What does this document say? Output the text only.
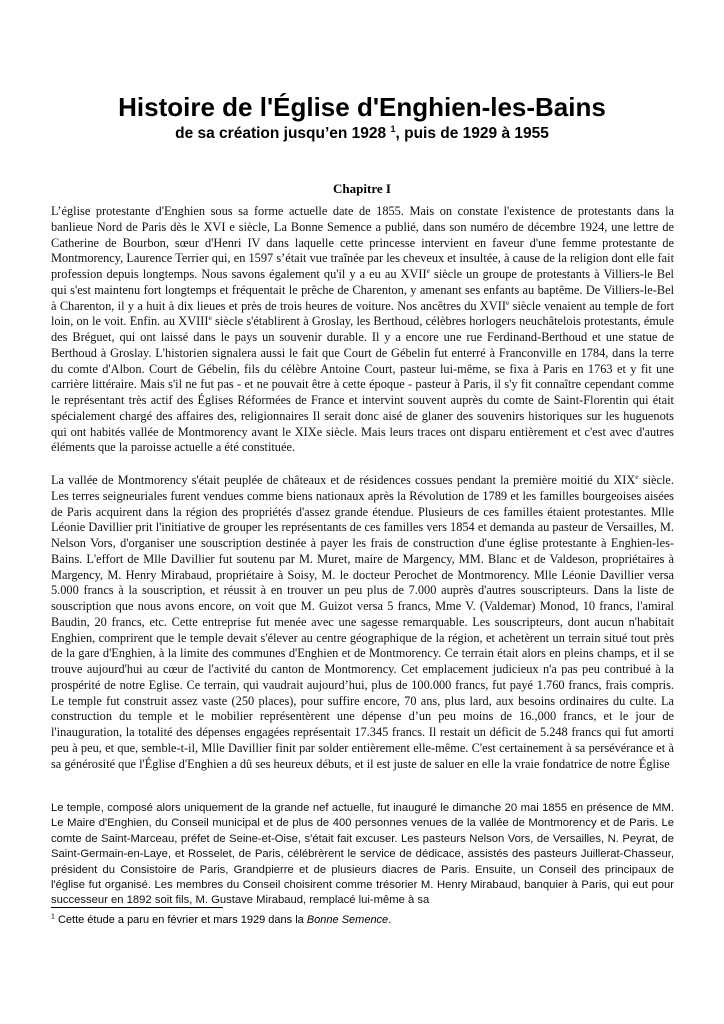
Histoire de l'Église d'Enghien-les-Bains
de sa création jusqu’en 1928 $^1$, puis de 1929 à 1955
Chapitre I

L’église protestante d'Enghien sous sa forme actuelle date de 1855. Mais on constate l'existence de protestants dans la banlieue Nord de Paris dès le XVI e siècle, La Bonne Semence a publié, dans son numéro de décembre 1924, une lettre de Catherine de Bourbon, sœur d'Henri IV dans laquelle cette princesse intervient en faveur d'une femme protestante de Montmorency, Laurence Terrier qui, en 1597 s’était vue traînée par les cheveux et insultée, à cause de la religion dont elle fait profession depuis longtemps. Nous savons également qu'il y a eu au XVIIe siècle un groupe de protestants à Villiers-le Bel qui s'est maintenu fort longtemps et fréquentait le prêche de Charenton, y amenant ses enfants au baptême. De Villiers-le-Bel à Charenton, il y a huit à dix lieues et près de trois heures de voiture. Nos ancêtres du XVIIe siècle venaient au temple de fort loin, on le voit. Enfin. au XVIIIe siècle s'établirent à Groslay, les Berthoud, célèbres horlogers neuchâtelois protestants, émule des Bréguet, qui ont laissé dans le pays un souvenir durable. Il y a encore une rue Ferdinand-Berthoud et une statue de Berthoud à Groslay. L'historien signalera aussi le fait que Court de Gébelin fut enterré à Franconville en 1784, dans la terre du comte d'Albon. Court de Gébelin, fils du célèbre Antoine Court, pasteur lui-même, se fixa à Paris en 1763 et y fit une carrière littéraire. Mais s'il ne fut pas - et ne pouvait être à cette époque - pasteur à Paris, il s'y fit connaître cependant comme le représentant très actif des Églises Réformées de France et intervint souvent auprès du comte de Saint-Florentin qui était spécialement chargé des affaires des, religionnaires Il serait donc aisé de glaner des souvenirs historiques sur les huguenots qui ont habités vallée de Montmorency avant le XIXe siècle. Mais leurs traces ont disparu entièrement et c'est avec d'autres éléments que la paroisse actuelle a été constituée.

La vallée de Montmorency s'était peuplée de châteaux et de résidences cossues pendant la première moitié du XIXe siècle. Les terres seigneuriales furent vendues comme biens nationaux après la Révolution de 1789 et les familles bourgeoises aisées de Paris acquirent dans la région des propriétés d'assez grande étendue. Plusieurs de ces familles étaient protestantes. Mlle Léonie Davillier prit l'initiative de grouper les représentants de ces familles vers 1854 et demanda au pasteur de Versailles, M. Nelson Vors, d'organiser une souscription destinée à payer les frais de construction d'une église protestante à Enghien-les-Bains. L'effort de Mlle Davillier fut soutenu par M. Muret, maire de Margency, MM. Blanc et de Valdeson, propriétaires à Margency, M. Henry Mirabaud, propriétaire à Soisy, M. le docteur Perochet de Montmorency. Mlle Léonie Davillier versa 5.000 francs à la souscription, et réussit à en trouver un peu plus de 7.000 auprès d'autres souscripteurs. Dans la liste de souscription que nous avons encore, on voit que M. Guizot versa 5 francs, Mme V. (Valdemar) Monod, 10 francs, l'amiral Baudin, 20 francs, etc. Cette entreprise fut menée avec une sagesse remarquable. Les souscripteurs, dont aucun n'habitait Enghien, comprirent que le temple devait s'élever au centre géographique de la région, et achetèrent un terrain situé tout près de la gare d'Enghien, à la limite des communes d'Enghien et de Montmorency. Ce terrain était alors en pleins champs, et il se trouve aujourd'hui au cœur de l'activité du canton de Montmorency. Cet emplacement judicieux n'a pas peu contribué à la prospérité de notre Eglise. Ce terrain, qui vaudrait aujourd’hui, plus de 100.000 francs, fut payé 1.760 francs, frais compris. Le temple fut construit assez vaste (250 places), pour suffire encore, 70 ans, plus lard, aux besoins ordinaires du culte. La construction du temple et le mobilier représentèrent une dépense d’un peu moins de 16.,000 francs, et le jour de l'inauguration, la totalité des dépenses engagées représentait 17.345 francs. Il restait un déficit de 5.248 francs qui fut amorti peu à peu, et que, semble-t-il, Mlle Davillier finit par solder entièrement elle-même. C'est certainement à sa persévérance et à sa générosité que l'Église d'Enghien a dû ses heureux débuts, et il est juste de saluer en elle la vraie fondatrice de notre Église

Le temple, composé alors uniquement de la grande nef actuelle, fut inauguré le dimanche 20 mai 1855 en présence de MM. Le Maire d'Enghien, du Conseil municipal et de plus de 400 personnes venues de la vallée de Montmorency et de Paris. Le comte de Saint-Marceau, préfet de Seine-et-Oise, s'était fait excuser. Les pasteurs Nelson Vors, de Versailles, N. Peyrat, de Saint-Germain-en-Laye, et Rosselet, de Paris, célébrèrent le service de dédicace, assistés des pasteurs Juillerat-Chasseur, président du Consistoire de Paris, Grandpierre et de plusieurs diacres de Paris. Ensuite, un Conseil des principaux de l'église fut organisé. Les membres du Conseil choisirent comme trésorier M. Henry Mirabaud, banquier à Paris, qui eut pour successeur en 1892 soit fils, M. Gustave Mirabaud, remplacé lui-même à sa

$^1$ Cette étude a paru en février et mars 1929 dans la Bonne Semence.
